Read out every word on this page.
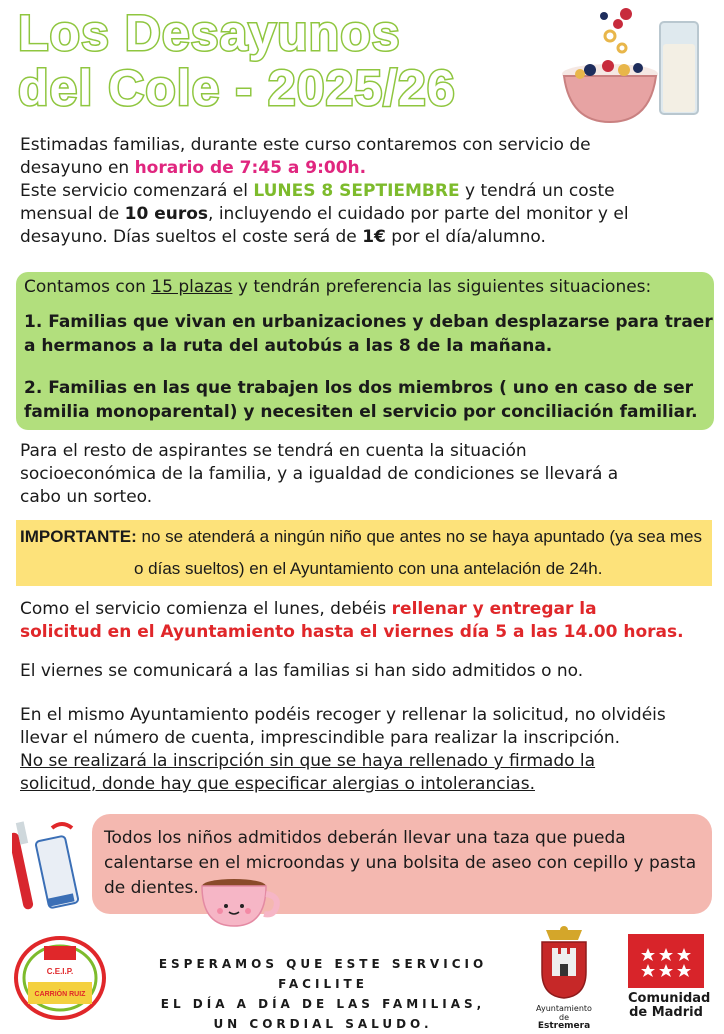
Los Desayunos
del Cole - 2025/26
Estimadas familias, durante este curso contaremos con servicio de
desayuno en horario de 7:45 a 9:00h.
Este servicio comenzará el LUNES 8 SEPTIEMBRE y tendrá un coste
mensual de 10 euros, incluyendo el cuidado por parte del monitor y el
desayuno. Días sueltos el coste será de 1€ por el día/alumno.
Contamos con 15 plazas y tendrán preferencia las siguientes situaciones:
1. Familias que vivan en urbanizaciones y deban desplazarse para traer
a hermanos a la ruta del autobús a las 8 de la mañana.
2. Familias en las que trabajen los dos miembros ( uno en caso de ser
familia monoparental) y necesiten el servicio por conciliación familiar.
Para el resto de aspirantes se tendrá en cuenta la situación
socioeconómica de la familia, y a igualdad de condiciones se llevará a
cabo un sorteo.
IMPORTANTE: no se atenderá a ningún niño que antes no se haya apuntado (ya sea mes
o días sueltos) en el Ayuntamiento con una antelación de 24h.
Como el servicio comienza el lunes, debéis rellenar y entregar la
solicitud en el Ayuntamiento hasta el viernes día 5 a las 14.00 horas.
El viernes se comunicará a las familias si han sido admitidos o no.
En el mismo Ayuntamiento podéis recoger y rellenar la solicitud, no olvidéis
llevar el número de cuenta, imprescindible para realizar la inscripción.
No se realizará la inscripción sin que se haya rellenado y firmado la
solicitud, donde hay que especificar alergias o intolerancias.
Todos los niños admitidos deberán llevar una taza que pueda
calentarse en el microondas y una bolsita de aseo con cepillo y pasta
de dientes.
C.E.I.P.
CARRIÓN RUIZ
ESPERAMOS QUE ESTE SERVICIO FACILITE
EL DÍA A DÍA DE LAS FAMILIAS,
UN CORDIAL SALUDO.
Ayuntamiento de
Estremera
Comunidad
de Madrid
